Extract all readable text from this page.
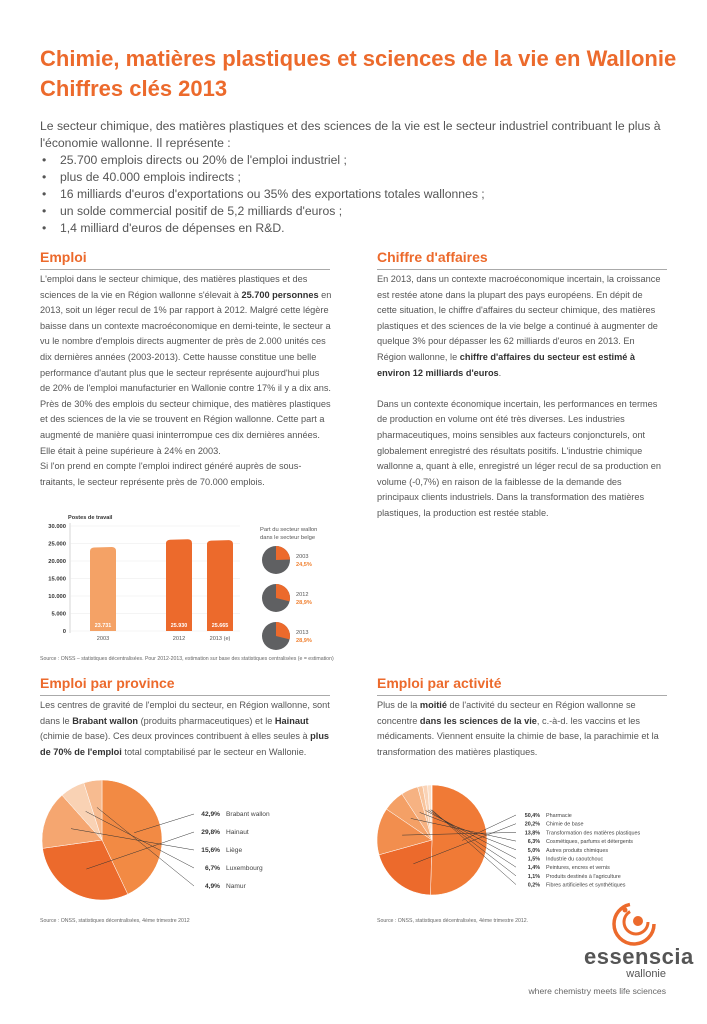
Chimie, matières plastiques et sciences de la vie en Wallonie
Chiffres clés 2013
Le secteur chimique, des matières plastiques et des sciences de la vie est le secteur industriel contribuant le plus à l'économie wallonne. Il représente :
• 25.700 emplois directs ou 20% de l'emploi industriel ;
• plus de 40.000 emplois indirects ;
• 16 milliards d'euros d'exportations ou 35% des exportations totales wallonnes ;
• un solde commercial positif de 5,2 milliards d'euros ;
• 1,4 milliard d'euros de dépenses en R&D.
Emploi
L'emploi dans le secteur chimique, des matières plastiques et des sciences de la vie en Région wallonne s'élevait à 25.700 personnes en 2013, soit un léger recul de 1% par rapport à 2012. Malgré cette légère baisse dans un contexte macroéconomique en demi-teinte, le secteur a vu le nombre d'emplois directs augmenter de près de 2.000 unités ces dix dernières années (2003-2013). Cette hausse constitue une belle performance d'autant plus que le secteur représente aujourd'hui plus de 20% de l'emploi manufacturier en Wallonie contre 17% il y a dix ans.
Près de 30% des emplois du secteur chimique, des matières plastiques et des sciences de la vie se trouvent en Région wallonne. Cette part a augmenté de manière quasi ininterrompue ces dix dernières années. Elle était à peine supérieure à 24% en 2003.
Si l'on prend en compte l'emploi indirect généré auprès de sous-traitants, le secteur représente près de 70.000 emplois.
Postes de travail
30.000
25.000
20.000
15.000
10.000
5.000
0
23.731
2003
25.930
2012
25.665
2013 (e)
Part du secteur wallon
dans le secteur belge
2003
24,5%
2012
28,9%
2013
28,9%
Source : ONSS – statistiques décentralisées. Pour 2012-2013, estimation sur base des statistiques centralisées (e = estimation)
Chiffre d'affaires
En 2013, dans un contexte macroéconomique incertain, la croissance est restée atone dans la plupart des pays européens. En dépit de cette situation, le chiffre d'affaires du secteur chimique, des matières plastiques et des sciences de la vie belge a continué à augmenter de quelque 3% pour dépasser les 62 milliards d'euros en 2013. En Région wallonne, le chiffre d'affaires du secteur est estimé à environ 12 milliards d'euros.
Dans un contexte économique incertain, les performances en termes de production en volume ont été très diverses. Les industries pharmaceutiques, moins sensibles aux facteurs conjoncturels, ont globalement enregistré des résultats positifs. L'industrie chimique wallonne a, quant à elle, enregistré un léger recul de sa production en volume (-0,7%) en raison de la faiblesse de la demande des principaux clients industriels. Dans la transformation des matières plastiques, la production est restée stable.
Emploi par province
Les centres de gravité de l'emploi du secteur, en Région wallonne, sont dans le Brabant wallon (produits pharmaceutiques) et le Hainaut (chimie de base). Ces deux provinces contribuent à elles seules à plus de 70% de l'emploi total comptabilisé par le secteur en Wallonie.
42,9% Brabant wallon
29,8% Hainaut
15,6% Liège
6,7% Luxembourg
4,9% Namur
Source : ONSS, statistiques décentralisées, 4ème trimestre 2012
Emploi par activité
Plus de la moitié de l'activité du secteur en Région wallonne se concentre dans les sciences de la vie, c.-à-d. les vaccins et les médicaments. Viennent ensuite la chimie de base, la parachimie et la transformation des matières plastiques.
50,4% Pharmacie
20,2% Chimie de base
13,8% Transformation des matières plastiques
6,3% Cosmétiques, parfums et détergents
5,0% Autres produits chimiques
1,5% Industrie du caoutchouc
1,4% Peintures, encres et vernis
1,1% Produits destinés à l'agriculture
0,2% Fibres artificielles et synthétiques
Source : ONSS, statistiques décentralisées, 4ème trimestre 2012.
essenscia
wallonie
where chemistry meets life sciences
